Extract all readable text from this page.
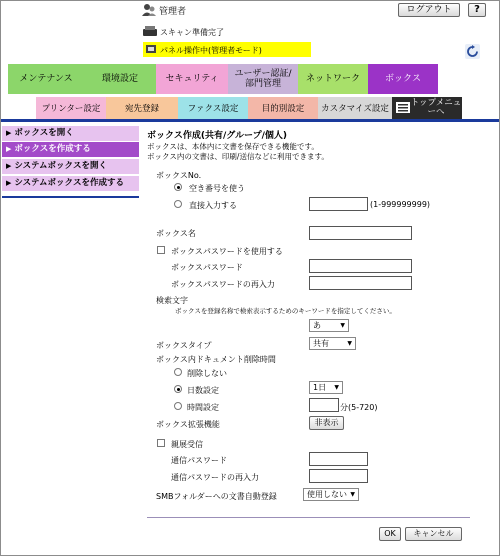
管理者	ログアウト	?
スキャン準備完了
パネル操作中(管理者モード)
メンテナンス	環境設定	セキュリティ	ユーザー認証/部門管理	ネットワーク	ボックス
プリンター設定	宛先登録	ファクス設定	目的別設定	カスタマイズ設定
トップメニューへ
▶ ボックスを開く
▶ ボックスを作成する
▶ システムボックスを開く
▶ システムボックスを作成する
ボックス作成(共有/グループ/個人)
ボックスは、本体内に文書を保存できる機能です。
ボックス内の文書は、印刷/送信などに利用できます。
ボックスNo.
空き番号を使う
直接入力する	(1-999999999)
ボックス名
ボックスパスワードを使用する
ボックスパスワード
ボックスパスワードの再入力
検索文字
ボックスを登録名称で検索表示するためのキーワードを指定してください。
あ	▼
ボックスタイプ	共有	▼
ボックス内ドキュメント削除時間
削除しない
日数設定	1日 ▼
時間設定	分(5-720)
ボックス拡張機能	非表示
親展受信
通信パスワード
通信パスワードの再入力
SMBフォルダーへの文書自動登録	使用しない ▼
OK	キャンセル
